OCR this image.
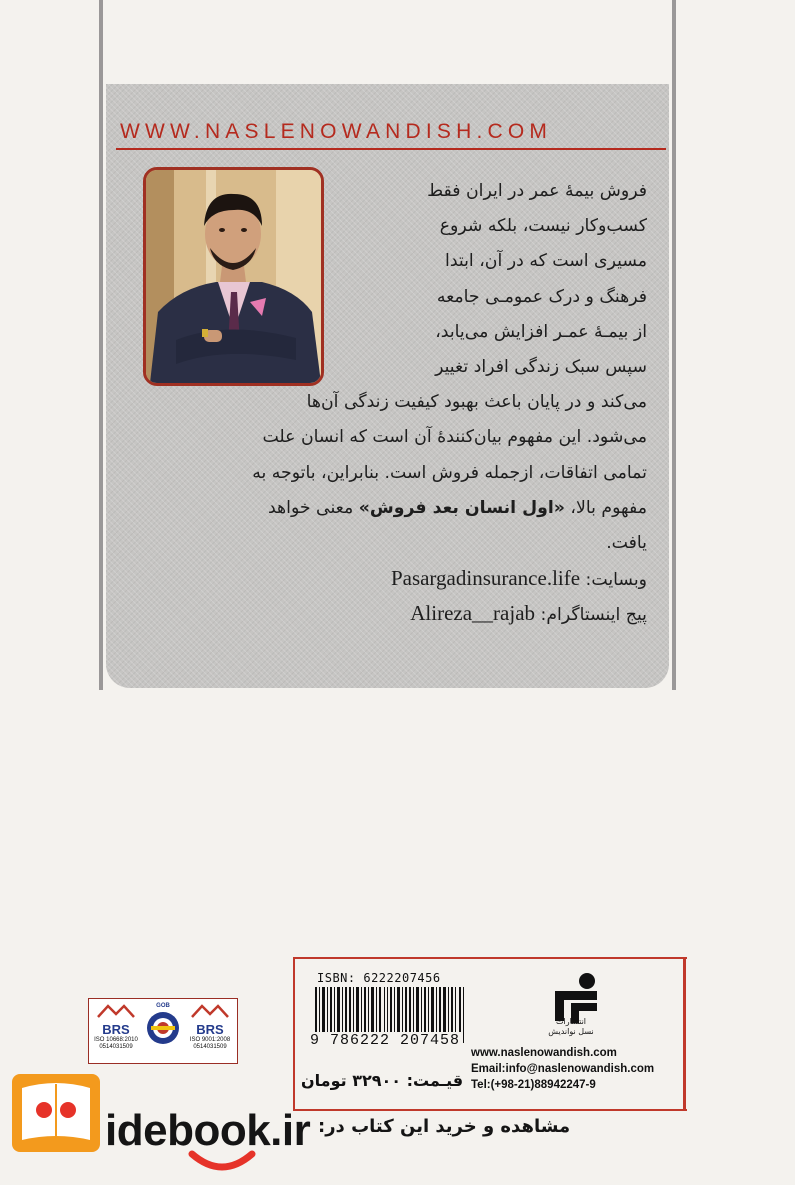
WWW.NASLENOWANDISH.COM
فروش بیمۀ عمر در ایران فقط
کسب‌وکار نیست، بلکه شروع
مسیری است که در آن، ابتدا
فرهنگ و درک عمومـی جامعه
از بیمـۀ عمـر افزایش می‌یابد،
سپس سبک زندگی افراد تغییر
می‌کند و در پایان باعث بهبود کیفیت زندگی آن‌ها
می‌شود. این مفهوم بیان‌کنندۀ آن است که انسان علت
تمامی اتفاقات، ازجمله فروش است. بنابراین، باتوجه به
مفهوم بالا، «اول انسان بعد فروش» معنی خواهد
یافت.
وبسایت: Pasargadinsurance.life
پیج اینستاگرام: Alireza__rajab
ISBN: 6222207456
9 786222 207458
قیـمت: ۳۲۹۰۰ تومان
انتشارات
نسل نواندیش
www.naslenowandish.com
Email:info@naslenowandish.com
Tel:(+98-21)88942247-9
BRS
ISO 10668:2010
0514031509
GOB
BRS
ISO 9001:2008
0514031509
idebook.ir مشاهده و خرید این کتاب در:
